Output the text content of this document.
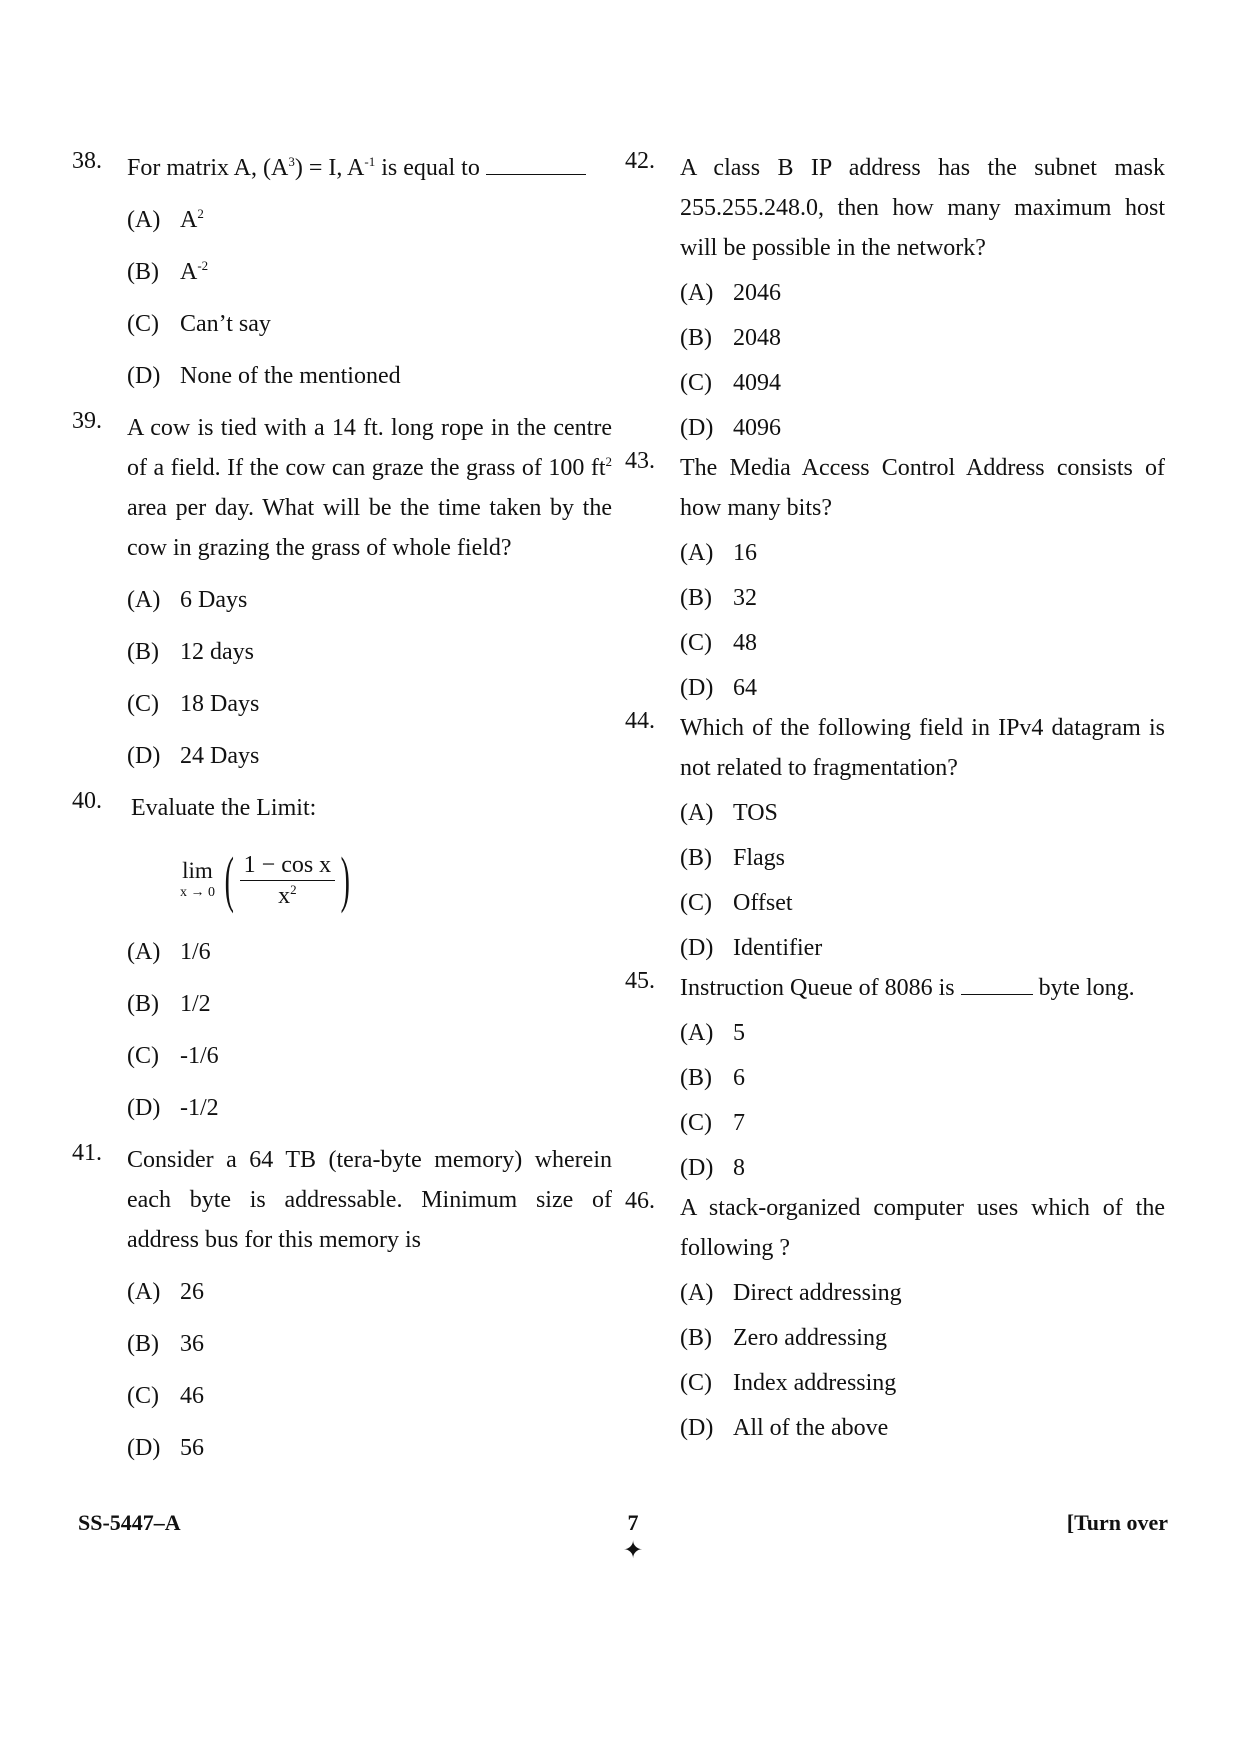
38. For matrix A, $(A^3) = I$, $A^{-1}$ is equal to
(A) $A^2$
(B) $A^{-2}$
(C) Can’t say
(D) None of the mentioned
39. A cow is tied with a 14 ft. long rope in the centre of a field. If the cow can graze the grass of 100 $ft^2$ area per day. What will be the time taken by the cow in grazing the grass of whole field?
(A) 6 Days
(B) 12 days
(C) 18 Days
(D) 24 Days
40. Evaluate the Limit:
lim
x → 0 ( $\frac{\text{1 − cos x}}{x^2}$ )
(A) 1/6
(B) 1/2
(C) -1/6
(D) -1/2
41. Consider a 64 TB (tera-byte memory) wherein each byte is addressable. Minimum size of address bus for this memory is
(A) 26
(B) 36
(C) 46
(D) 56
42. A class B IP address has the subnet mask 255.255.248.0, then how many maximum host will be possible in the network?
(A) 2046
(B) 2048
(C) 4094
(D) 4096
43. The Media Access Control Address consists of how many bits?
(A) 16
(B) 32
(C) 48
(D) 64
44. Which of the following field in IPv4 datagram is not related to fragmentation?
(A) TOS
(B) Flags
(C) Offset
(D) Identifier
45. Instruction Queue of 8086 is	byte long.
(A) 5
(B) 6
(C) 7
(D) 8
46. A stack-organized computer uses which of the following ?
(A) Direct addressing
(B) Zero addressing
(C) Index addressing
(D) All of the above
SS-5447–A	7
✦
[Turn over
